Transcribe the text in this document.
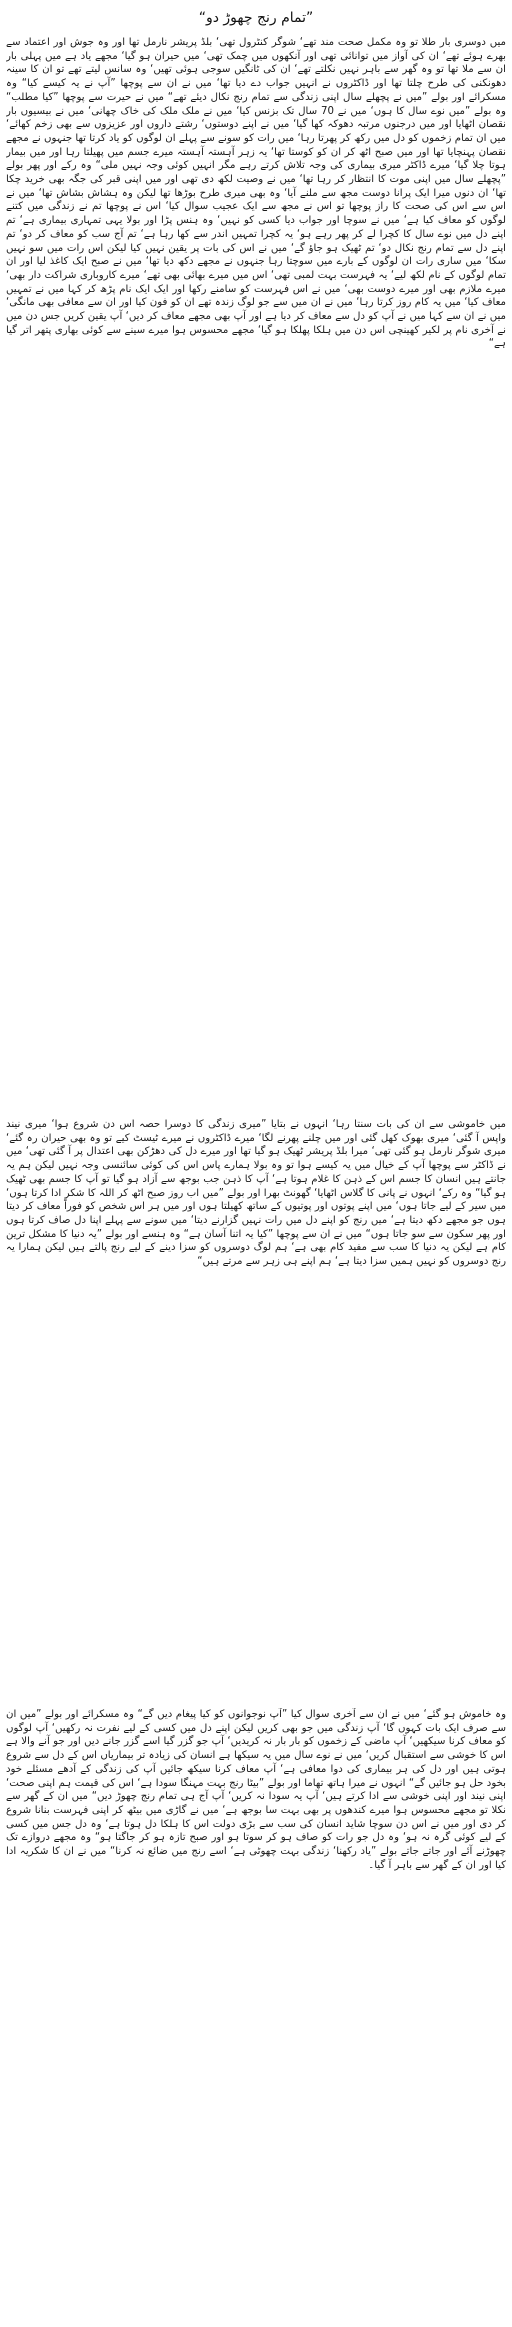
”تمام رنج چھوڑ دو“

میں دوسری بار طلا تو وہ مکمل صحت مند تھے‘ شوگر کنٹرول تھی‘ بلڈ پریشر نارمل تھا اور وہ جوش اور اعتماد سے بھرے ہوئے تھے‘ ان کی آواز میں توانائی تھی اور آنکھوں میں چمک تھی‘ میں حیران ہو گیا‘ مجھے یاد ہے میں پہلی بار ان سے ملا تھا تو وہ گھر سے باہر نہیں نکلتے تھے‘ ان کی ٹانگیں سوجی ہوئی تھیں‘ وہ سانس لیتے تھے تو ان کا سینہ دھونکنی کی طرح چلتا تھا اور ڈاکٹروں نے انہیں جواب دے دیا تھا‘ میں نے ان سے پوچھا ”آپ نے یہ کیسے کیا“ وہ مسکرائے اور بولے ”میں نے پچھلے سال اپنی زندگی سے تمام رنج نکال دیئے تھے“ میں نے حیرت سے پوچھا ”کیا مطلب“ وہ بولے ”میں نوے سال کا ہوں‘ میں نے 70 سال تک بزنس کیا‘ میں نے ملک ملک کی خاک چھانی‘ میں نے بیسیوں بار نقصان اٹھایا اور میں درجنوں مرتبہ دھوکہ کھا گیا‘ میں نے اپنے دوستوں‘ رشتے داروں اور عزیزوں سے بھی زخم کھائے‘ میں ان تمام زخموں کو دل میں رکھ کر پھرتا رہا‘ میں رات کو سونے سے پہلے ان لوگوں کو یاد کرتا تھا جنہوں نے مجھے نقصان پہنچایا تھا اور میں صبح اٹھ کر ان کو کوستا تھا‘ یہ زہر آہستہ آہستہ میرے جسم میں پھیلتا رہا اور میں بیمار ہوتا چلا گیا‘ میرے ڈاکٹر میری بیماری کی وجہ تلاش کرتے رہے مگر انہیں کوئی وجہ نہیں ملی“ وہ رکے اور پھر بولے ”پچھلے سال میں اپنی موت کا انتظار کر رہا تھا‘ میں نے وصیت لکھ دی تھی اور میں اپنی قبر کی جگہ بھی خرید چکا تھا‘ ان دنوں میرا ایک پرانا دوست مجھ سے ملنے آیا‘ وہ بھی میری طرح بوڑھا تھا لیکن وہ ہشاش بشاش تھا‘ میں نے اس سے اس کی صحت کا راز پوچھا تو اس نے مجھ سے ایک عجیب سوال کیا‘ اس نے پوچھا تم نے زندگی میں کتنے لوگوں کو معاف کیا ہے‘ میں نے سوچا اور جواب دیا کسی کو نہیں‘ وہ ہنس پڑا اور بولا یہی تمہاری بیماری ہے‘ تم اپنے دل میں نوے سال کا کچرا لے کر پھر رہے ہو‘ یہ کچرا تمہیں اندر سے کھا رہا ہے‘ تم آج سب کو معاف کر دو‘ تم اپنے دل سے تمام رنج نکال دو‘ تم ٹھیک ہو جاؤ گے‘ میں نے اس کی بات پر یقین نہیں کیا لیکن اس رات میں سو نہیں سکا‘ میں ساری رات ان لوگوں کے بارے میں سوچتا رہا جنہوں نے مجھے دکھ دیا تھا‘ میں نے صبح ایک کاغذ لیا اور ان تمام لوگوں کے نام لکھ لیے‘ یہ فہرست بہت لمبی تھی‘ اس میں میرے بھائی بھی تھے‘ میرے کاروباری شراکت دار بھی‘ میرے ملازم بھی اور میرے دوست بھی‘ میں نے اس فہرست کو سامنے رکھا اور ایک ایک نام پڑھ کر کہا میں نے تمہیں معاف کیا‘ میں یہ کام روز کرتا رہا‘ میں نے ان میں سے جو لوگ زندہ تھے ان کو فون کیا اور ان سے معافی بھی مانگی‘ میں نے ان سے کہا میں نے آپ کو دل سے معاف کر دیا ہے اور آپ بھی مجھے معاف کر دیں‘ آپ یقین کریں جس دن میں نے آخری نام پر لکیر کھینچی اس دن میں ہلکا پھلکا ہو گیا‘ مجھے محسوس ہوا میرے سینے سے کوئی بھاری پتھر اتر گیا ہے“

میں خاموشی سے ان کی بات سنتا رہا‘ انہوں نے بتایا ”میری زندگی کا دوسرا حصہ اس دن شروع ہوا‘ میری نیند واپس آ گئی‘ میری بھوک کھل گئی اور میں چلنے پھرنے لگا‘ میرے ڈاکٹروں نے میرے ٹیسٹ کیے تو وہ بھی حیران رہ گئے‘ میری شوگر نارمل ہو گئی تھی‘ میرا بلڈ پریشر ٹھیک ہو گیا تھا اور میرے دل کی دھڑکن بھی اعتدال پر آ گئی تھی‘ میں نے ڈاکٹر سے پوچھا آپ کے خیال میں یہ کیسے ہوا تو وہ بولا ہمارے پاس اس کی کوئی سائنسی وجہ نہیں لیکن ہم یہ جانتے ہیں انسان کا جسم اس کے ذہن کا غلام ہوتا ہے‘ آپ کا ذہن جب بوجھ سے آزاد ہو گیا تو آپ کا جسم بھی ٹھیک ہو گیا“ وہ رکے‘ انہوں نے پانی کا گلاس اٹھایا‘ گھونٹ بھرا اور بولے ”میں اب روز صبح اٹھ کر اللہ کا شکر ادا کرتا ہوں‘ میں سیر کے لیے جاتا ہوں‘ میں اپنے پوتوں اور پوتیوں کے ساتھ کھیلتا ہوں اور میں ہر اس شخص کو فوراً معاف کر دیتا ہوں جو مجھے دکھ دیتا ہے‘ میں رنج کو اپنے دل میں رات نہیں گزارنے دیتا‘ میں سونے سے پہلے اپنا دل صاف کرتا ہوں اور پھر سکون سے سو جاتا ہوں“ میں نے ان سے پوچھا ”کیا یہ اتنا آسان ہے“ وہ ہنسے اور بولے ”یہ دنیا کا مشکل ترین کام ہے لیکن یہ دنیا کا سب سے مفید کام بھی ہے‘ ہم لوگ دوسروں کو سزا دینے کے لیے رنج پالتے ہیں لیکن ہمارا یہ رنج دوسروں کو نہیں ہمیں سزا دیتا ہے‘ ہم اپنے ہی زہر سے مرتے ہیں“

وہ خاموش ہو گئے‘ میں نے ان سے آخری سوال کیا ”آپ نوجوانوں کو کیا پیغام دیں گے“ وہ مسکرائے اور بولے ”میں ان سے صرف ایک بات کہوں گا‘ آپ زندگی میں جو بھی کریں لیکن اپنے دل میں کسی کے لیے نفرت نہ رکھیں‘ آپ لوگوں کو معاف کرنا سیکھیں‘ آپ ماضی کے زخموں کو بار بار نہ کریدیں‘ آپ جو گزر گیا اسے گزر جانے دیں اور جو آنے والا ہے اس کا خوشی سے استقبال کریں‘ میں نے نوے سال میں یہ سیکھا ہے انسان کی زیادہ تر بیماریاں اس کے دل سے شروع ہوتی ہیں اور دل کی ہر بیماری کی دوا معافی ہے‘ آپ معاف کرنا سیکھ جائیں آپ کی زندگی کے آدھے مسئلے خود بخود حل ہو جائیں گے“ انہوں نے میرا ہاتھ تھاما اور بولے ”بیٹا رنج بہت مہنگا سودا ہے‘ اس کی قیمت ہم اپنی صحت‘ اپنی نیند اور اپنی خوشی سے ادا کرتے ہیں‘ آپ یہ سودا نہ کریں‘ آپ آج ہی تمام رنج چھوڑ دیں“ میں ان کے گھر سے نکلا تو مجھے محسوس ہوا میرے کندھوں پر بھی بہت سا بوجھ ہے‘ میں نے گاڑی میں بیٹھ کر اپنی فہرست بنانا شروع کر دی اور میں نے اس دن سوچا شاید انسان کی سب سے بڑی دولت اس کا ہلکا دل ہوتا ہے‘ وہ دل جس میں کسی کے لیے کوئی گرہ نہ ہو‘ وہ دل جو رات کو صاف ہو کر سوتا ہو اور صبح تازہ ہو کر جاگتا ہو“ وہ مجھے دروازے تک چھوڑنے آئے اور جاتے جاتے بولے ”یاد رکھنا‘ زندگی بہت چھوٹی ہے‘ اسے رنج میں ضائع نہ کرنا“ میں نے ان کا شکریہ ادا کیا اور ان کے گھر سے باہر آ گیا۔
